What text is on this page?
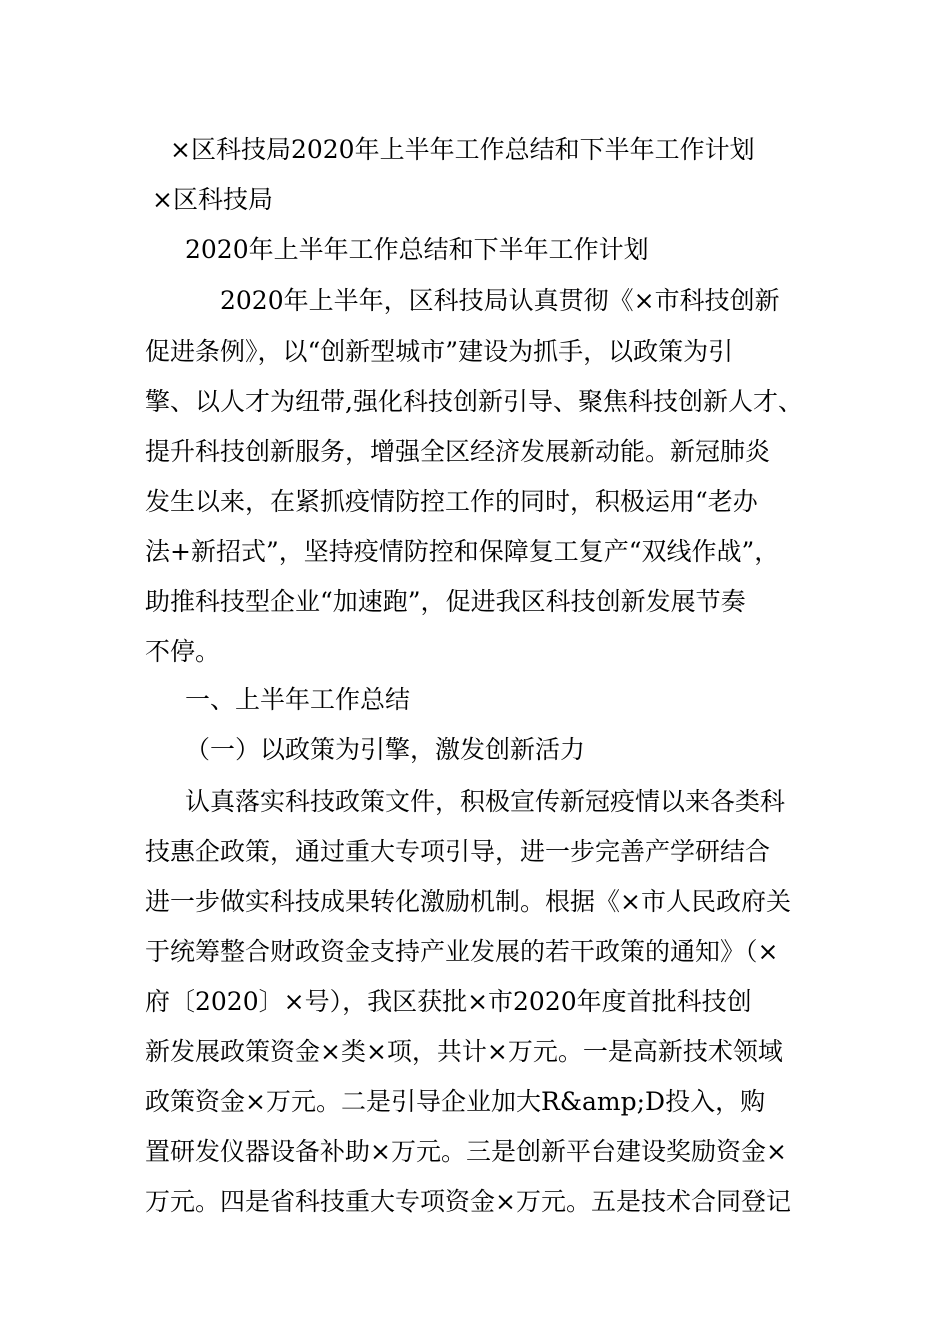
×区科技局2020年上半年工作总结和下半年工作计划
×区科技局
2020年上半年工作总结和下半年工作计划
2020年上半年，区科技局认真贯彻《×市科技创新
促进条例》，以“创新型城市”建设为抓手，以政策为引
擎、以人才为纽带,强化科技创新引导、聚焦科技创新人才、
提升科技创新服务，增强全区经济发展新动能。新冠肺炎
发生以来，在紧抓疫情防控工作的同时，积极运用“老办
法+新招式”，坚持疫情防控和保障复工复产“双线作战”，
助推科技型企业“加速跑”，促进我区科技创新发展节奏
不停。
一、上半年工作总结
（一）以政策为引擎，激发创新活力
认真落实科技政策文件，积极宣传新冠疫情以来各类科
技惠企政策，通过重大专项引导，进一步完善产学研结合
进一步做实科技成果转化激励机制。根据《×市人民政府关
于统筹整合财政资金支持产业发展的若干政策的通知》（×
府〔2020〕×号），我区获批×市2020年度首批科技创
新发展政策资金×类×项，共计×万元。一是高新技术领域
政策资金×万元。二是引导企业加大R&amp;D投入，购
置研发仪器设备补助×万元。三是创新平台建设奖励资金×
万元。四是省科技重大专项资金×万元。五是技术合同登记
